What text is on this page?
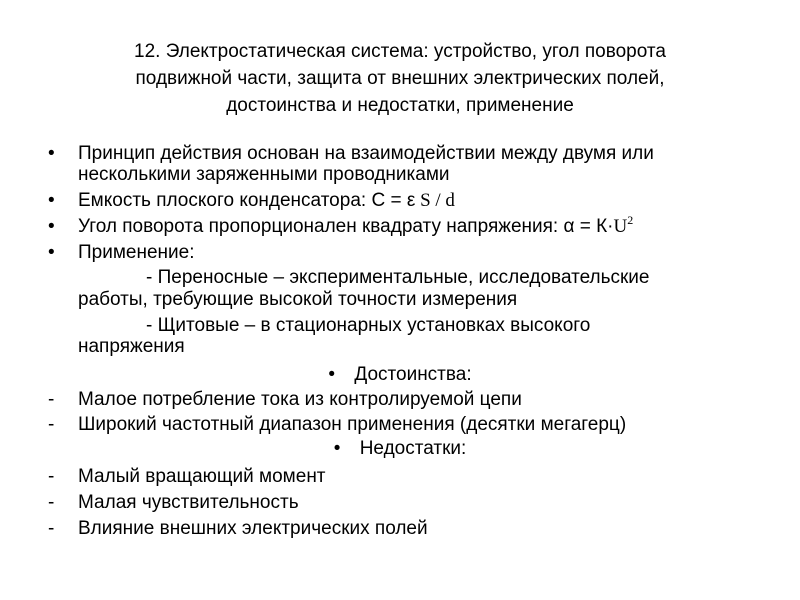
12. Электростатическая система: устройство, угол поворота
подвижной части, защита от внешних электрических полей,
достоинства и недостатки, применение
• Принцип действия основан на взаимодействии между двумя или
несколькими заряженными проводниками
• Емкость плоского конденсатора: С = ε S / d
• Угол поворота пропорционален квадрату напряжения: $\alpha = К\cdot U^2$
• Применение:
- Переносные – экспериментальные, исследовательские
работы, требующие высокой точности измерения
- Щитовые – в стационарных установках высокого
напряжения
• Достоинства:
- Малое потребление тока из контролируемой цепи
- Широкий частотный диапазон применения (десятки мегагерц)
• Недостатки:
- Малый вращающий момент
- Малая чувствительность
- Влияние внешних электрических полей
